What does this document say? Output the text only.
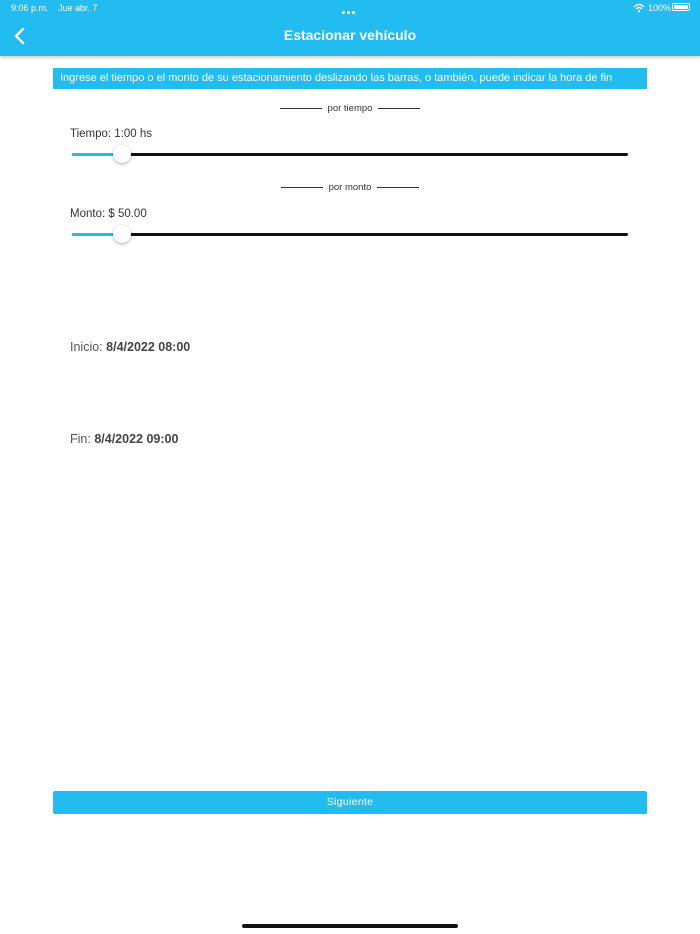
9:06 p.m. Jue abr. 7	100%
Estacionar vehículo
Ingrese el tiempo o el monto de su estacionamiento deslizando las barras, o también, puede indicar la hora de fin
por tiempo
Tiempo: 1:00 hs
por monto
Monto: $ 50.00
Inicio: 8/4/2022 08:00
Fin: 8/4/2022 09:00
Siguiente
